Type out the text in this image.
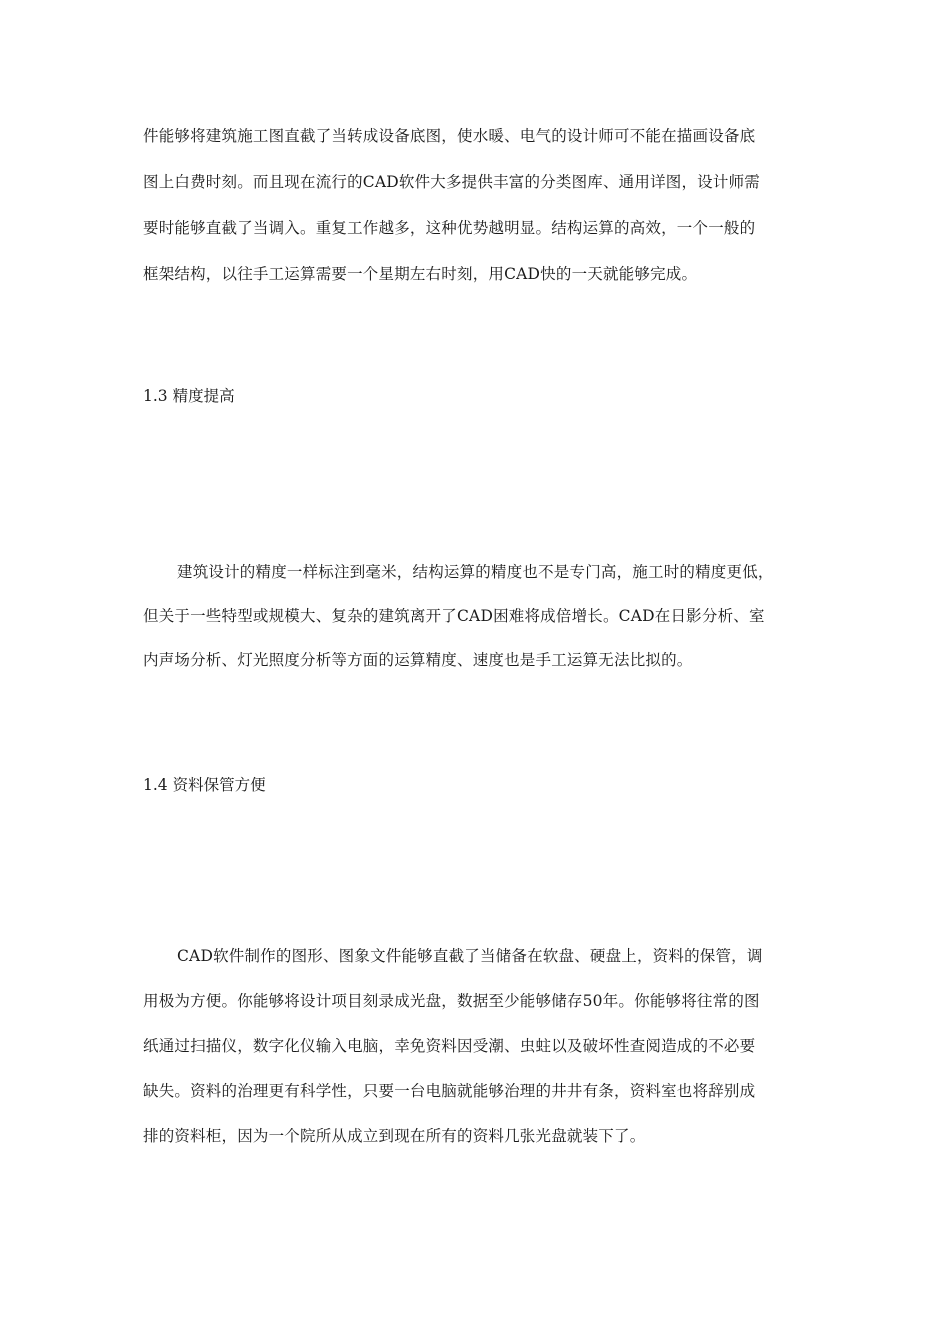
件能够将建筑施工图直截了当转成设备底图，使水暖、电气的设计师可不能在描画设备底
图上白费时刻。而且现在流行的CAD软件大多提供丰富的分类图库、通用详图，设计师需
要时能够直截了当调入。重复工作越多，这种优势越明显。结构运算的高效，一个一般的
框架结构，以往手工运算需要一个星期左右时刻，用CAD快的一天就能够完成。
1.3 精度提高
建筑设计的精度一样标注到毫米，结构运算的精度也不是专门高，施工时的精度更低，
但关于一些特型或规模大、复杂的建筑离开了CAD困难将成倍增长。CAD在日影分析、室
内声场分析、灯光照度分析等方面的运算精度、速度也是手工运算无法比拟的。
1.4 资料保管方便
CAD软件制作的图形、图象文件能够直截了当储备在软盘、硬盘上，资料的保管，调
用极为方便。你能够将设计项目刻录成光盘，数据至少能够储存50年。你能够将往常的图
纸通过扫描仪，数字化仪输入电脑，幸免资料因受潮、虫蛀以及破坏性查阅造成的不必要
缺失。资料的治理更有科学性，只要一台电脑就能够治理的井井有条，资料室也将辞别成
排的资料柜，因为一个院所从成立到现在所有的资料几张光盘就装下了。
